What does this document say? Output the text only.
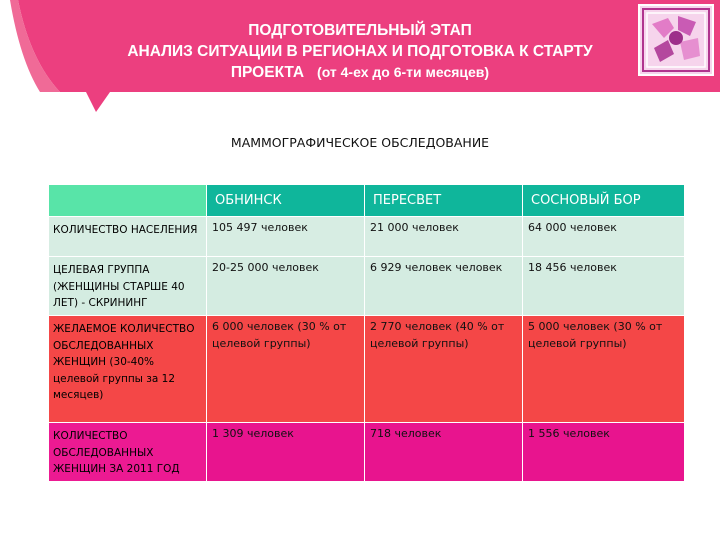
ПОДГОТОВИТЕЛЬНЫЙ ЭТАП
АНАЛИЗ СИТУАЦИИ В РЕГИОНАХ И ПОДГОТОВКА К СТАРТУ
ПРОЕКТА (от 4-ех до 6-ти месяцев)
МАММОГРАФИЧЕСКОЕ ОБСЛЕДОВАНИЕ
	ОБНИНСК	ПЕРЕСВЕТ	СОСНОВЫЙ БОР
КОЛИЧЕСТВО НАСЕЛЕНИЯ	105 497 человек	21 000 человек	64 000 человек
ЦЕЛЕВАЯ ГРУППА (ЖЕНЩИНЫ СТАРШЕ 40 ЛЕТ) - СКРИНИНГ	20-25 000 человек	6 929 человек человек	18 456 человек
ЖЕЛАЕМОЕ КОЛИЧЕСТВО ОБСЛЕДОВАННЫХ ЖЕНЩИН (30-40% целевой группы за 12 месяцев)	6 000 человек (30 % от целевой группы)	2 770 человек (40 % от целевой группы)	5 000 человек (30 % от целевой группы)
КОЛИЧЕСТВО ОБСЛЕДОВАННЫХ ЖЕНЩИН ЗА 2011 ГОД	1 309 человек	718 человек	1 556 человек
